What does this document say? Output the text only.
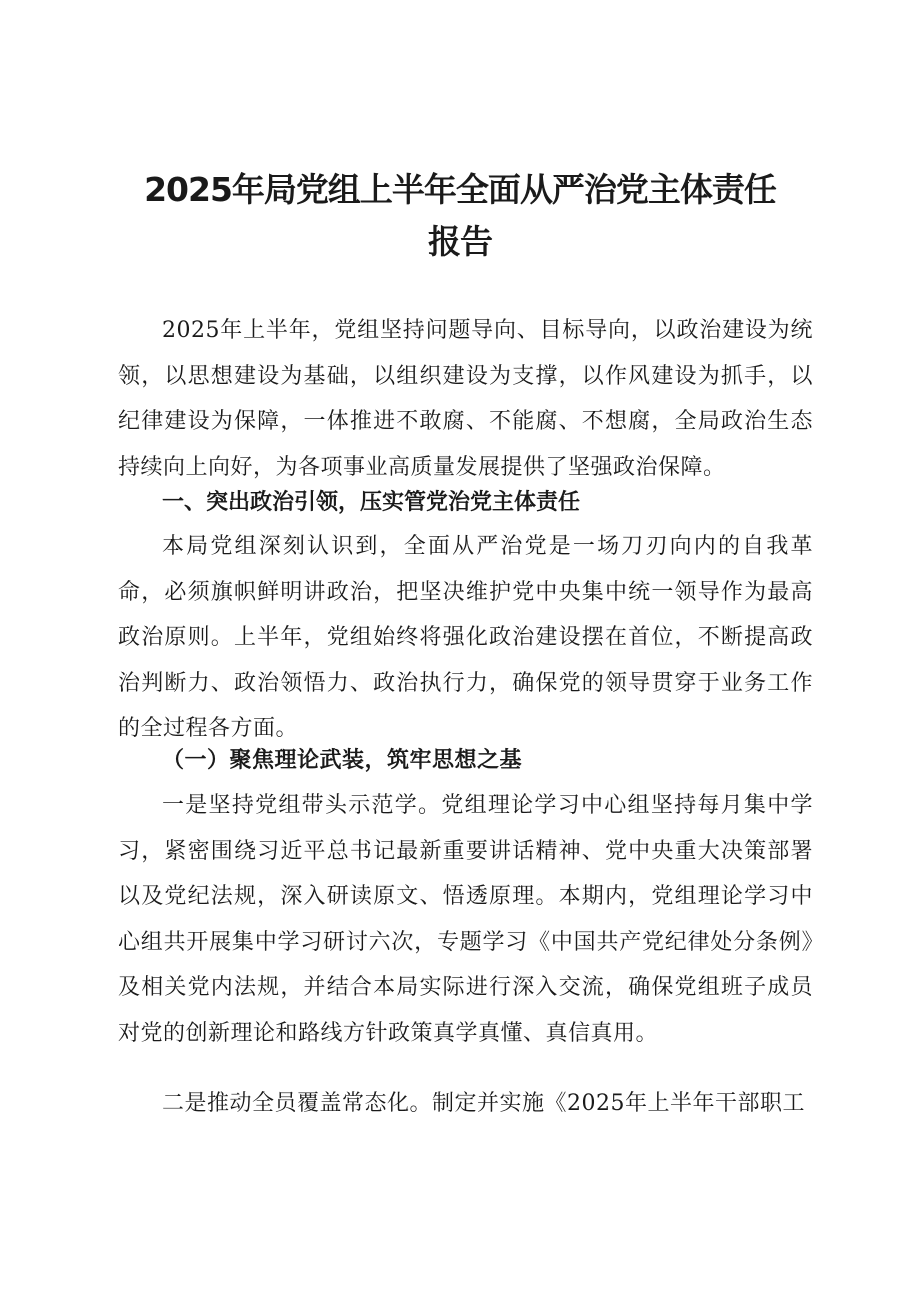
2025年局党组上半年全面从严治党主体责任
报告

2025年上半年，党组坚持问题导向、目标导向，以政治建设为统领，以思想建设为基础，以组织建设为支撑，以作风建设为抓手，以纪律建设为保障，一体推进不敢腐、不能腐、不想腐，全局政治生态持续向上向好，为各项事业高质量发展提供了坚强政治保障。

一、突出政治引领，压实管党治党主体责任

本局党组深刻认识到，全面从严治党是一场刀刃向内的自我革命，必须旗帜鲜明讲政治，把坚决维护党中央集中统一领导作为最高政治原则。上半年，党组始终将强化政治建设摆在首位，不断提高政治判断力、政治领悟力、政治执行力，确保党的领导贯穿于业务工作的全过程各方面。

（一）聚焦理论武装，筑牢思想之基

一是坚持党组带头示范学。党组理论学习中心组坚持每月集中学习，紧密围绕习近平总书记最新重要讲话精神、党中央重大决策部署以及党纪法规，深入研读原文、悟透原理。本期内，党组理论学习中心组共开展集中学习研讨六次，专题学习《中国共产党纪律处分条例》及相关党内法规，并结合本局实际进行深入交流，确保党组班子成员对党的创新理论和路线方针政策真学真懂、真信真用。

二是推动全员覆盖常态化。制定并实施《2025年上半年干部职工
